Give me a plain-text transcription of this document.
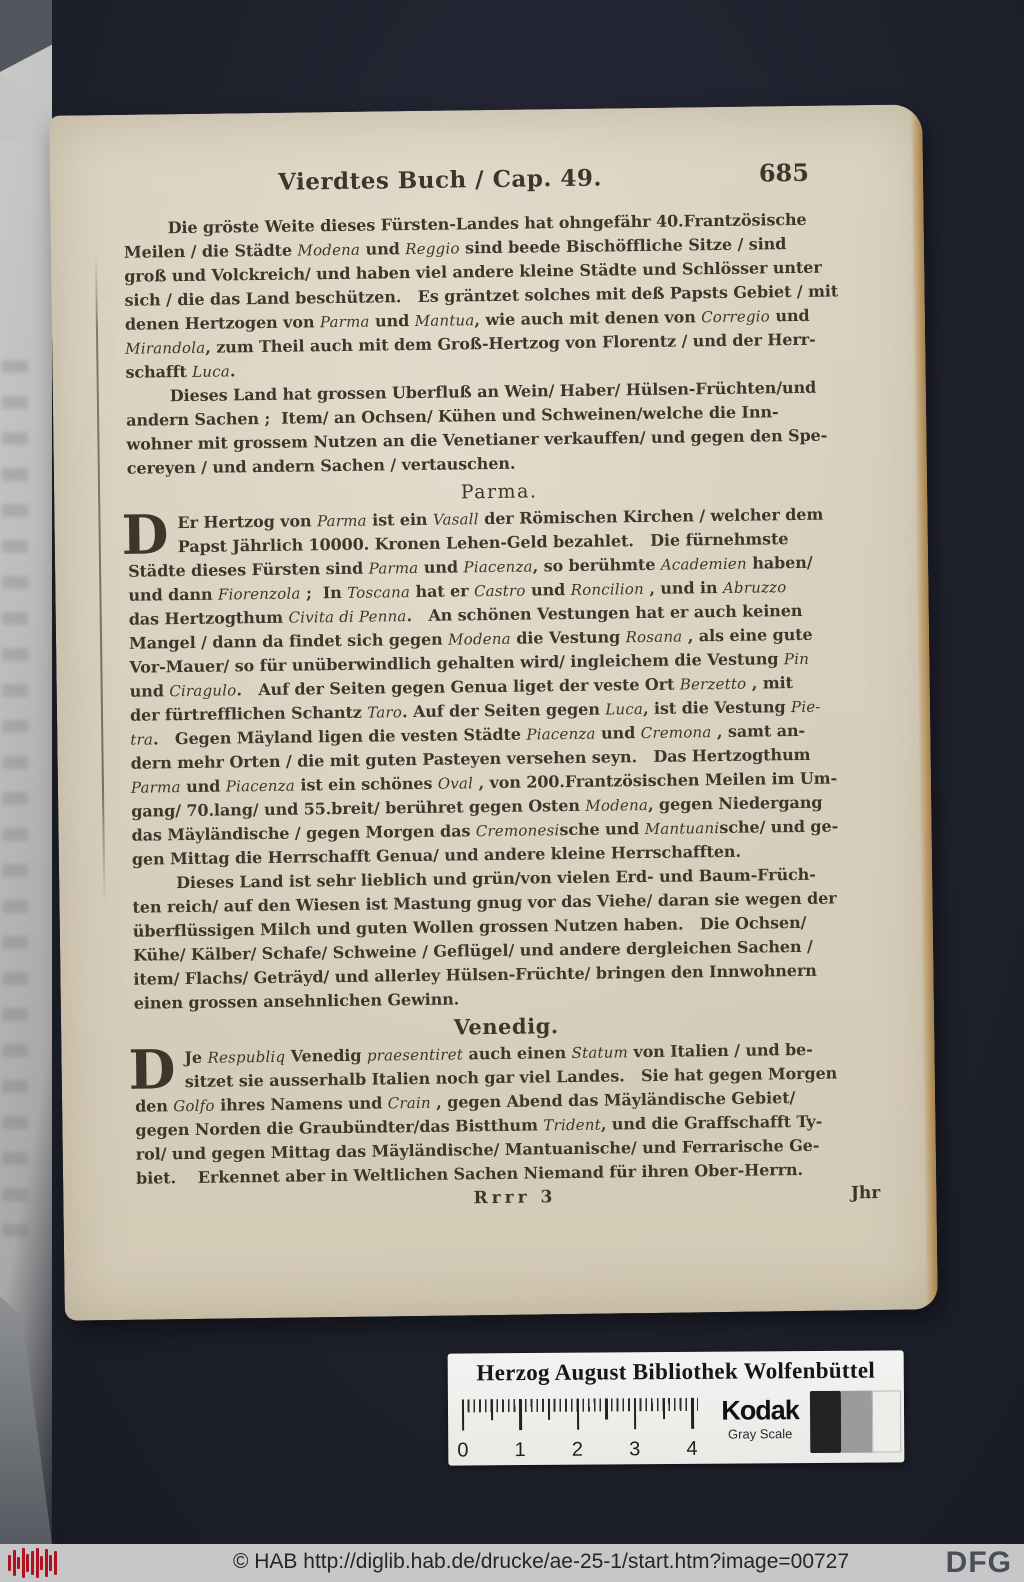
Vierdtes Buch / Cap. 49.	685
Die gröste Weite dieses Fürsten-Landes hat ohngefähr 40.Frantzösische
Meilen / die Städte Modena und Reggio sind beede Bischöffliche Sitze / sind
groß und Volckreich/ und haben viel andere kleine Städte und Schlösser unter
sich / die das Land beschützen.   Es gräntzet solches mit deß Papsts Gebiet / mit
denen Hertzogen von Parma und Mantua, wie auch mit denen von Corregio und
Mirandola, zum Theil auch mit dem Groß-Hertzog von Florentz / und der Herr-
schafft Luca.
Dieses Land hat grossen Uberfluß an Wein/ Haber/ Hülsen-Früchten/und
andern Sachen ;  Item/ an Ochsen/ Kühen und Schweinen/welche die Inn-
wohner mit grossem Nutzen an die Venetianer verkauffen/ und gegen den Spe-
cereyen / und andern Sachen / vertauschen.
Parma.
D Er Hertzog von Parma ist ein Vasall der Römischen Kirchen / welcher dem
Papst Jährlich 10000. Kronen Lehen-Geld bezahlet.   Die fürnehmste
Städte dieses Fürsten sind Parma und Piacenza, so berühmte Academien haben/
und dann Fiorenzola ;  In Toscana hat er Castro und Roncilion , und in Abruzzo
das Hertzogthum Civita di Penna.   An schönen Vestungen hat er auch keinen
Mangel / dann da findet sich gegen Modena die Vestung Rosana , als eine gute
Vor-Mauer/ so für unüberwindlich gehalten wird/ ingleichem die Vestung Pin
und Ciragulo.   Auf der Seiten gegen Genua liget der veste Ort Berzetto , mit
der fürtrefflichen Schantz Taro. Auf der Seiten gegen Luca, ist die Vestung Pie-
tra.   Gegen Mäyland ligen die vesten Städte Piacenza und Cremona , samt an-
dern mehr Orten / die mit guten Pasteyen versehen seyn.   Das Hertzogthum
Parma und Piacenza ist ein schönes Oval , von 200.Frantzösischen Meilen im Um-
gang/ 70.lang/ und 55.breit/ berühret gegen Osten Modena, gegen Niedergang
das Mäyländische / gegen Morgen das Cremonesische und Mantuanische/ und ge-
gen Mittag die Herrschafft Genua/ und andere kleine Herrschafften.
Dieses Land ist sehr lieblich und grün/von vielen Erd- und Baum-Früch-
ten reich/ auf den Wiesen ist Mastung gnug vor das Viehe/ daran sie wegen der
überflüssigen Milch und guten Wollen grossen Nutzen haben.   Die Ochsen/
Kühe/ Kälber/ Schafe/ Schweine / Geflügel/ und andere dergleichen Sachen /
item/ Flachs/ Geträyd/ und allerley Hülsen-Früchte/ bringen den Innwohnern
einen grossen ansehnlichen Gewinn.
Venedig.
D Je Respubliq Venedig praesentiret auch einen Statum von Italien / und be-
sitzet sie ausserhalb Italien noch gar viel Landes.   Sie hat gegen Morgen
den Golfo ihres Namens und Crain , gegen Abend das Mäyländische Gebiet/
gegen Norden die Graubündter/das Bistthum Trident, und die Graffschafft Ty-
rol/ und gegen Mittag das Mäyländische/ Mantuanische/ und Ferrarische Ge-
biet.    Erkennet aber in Weltlichen Sachen Niemand für ihren Ober-Herrn.
Rrrr 3	Jhr
Herzog August Bibliothek Wolfenbüttel
0 1 2 3 4
Kodak
Gray Scale
© HAB http://diglib.hab.de/drucke/ae-25-1/start.htm?image=00727	DFG
